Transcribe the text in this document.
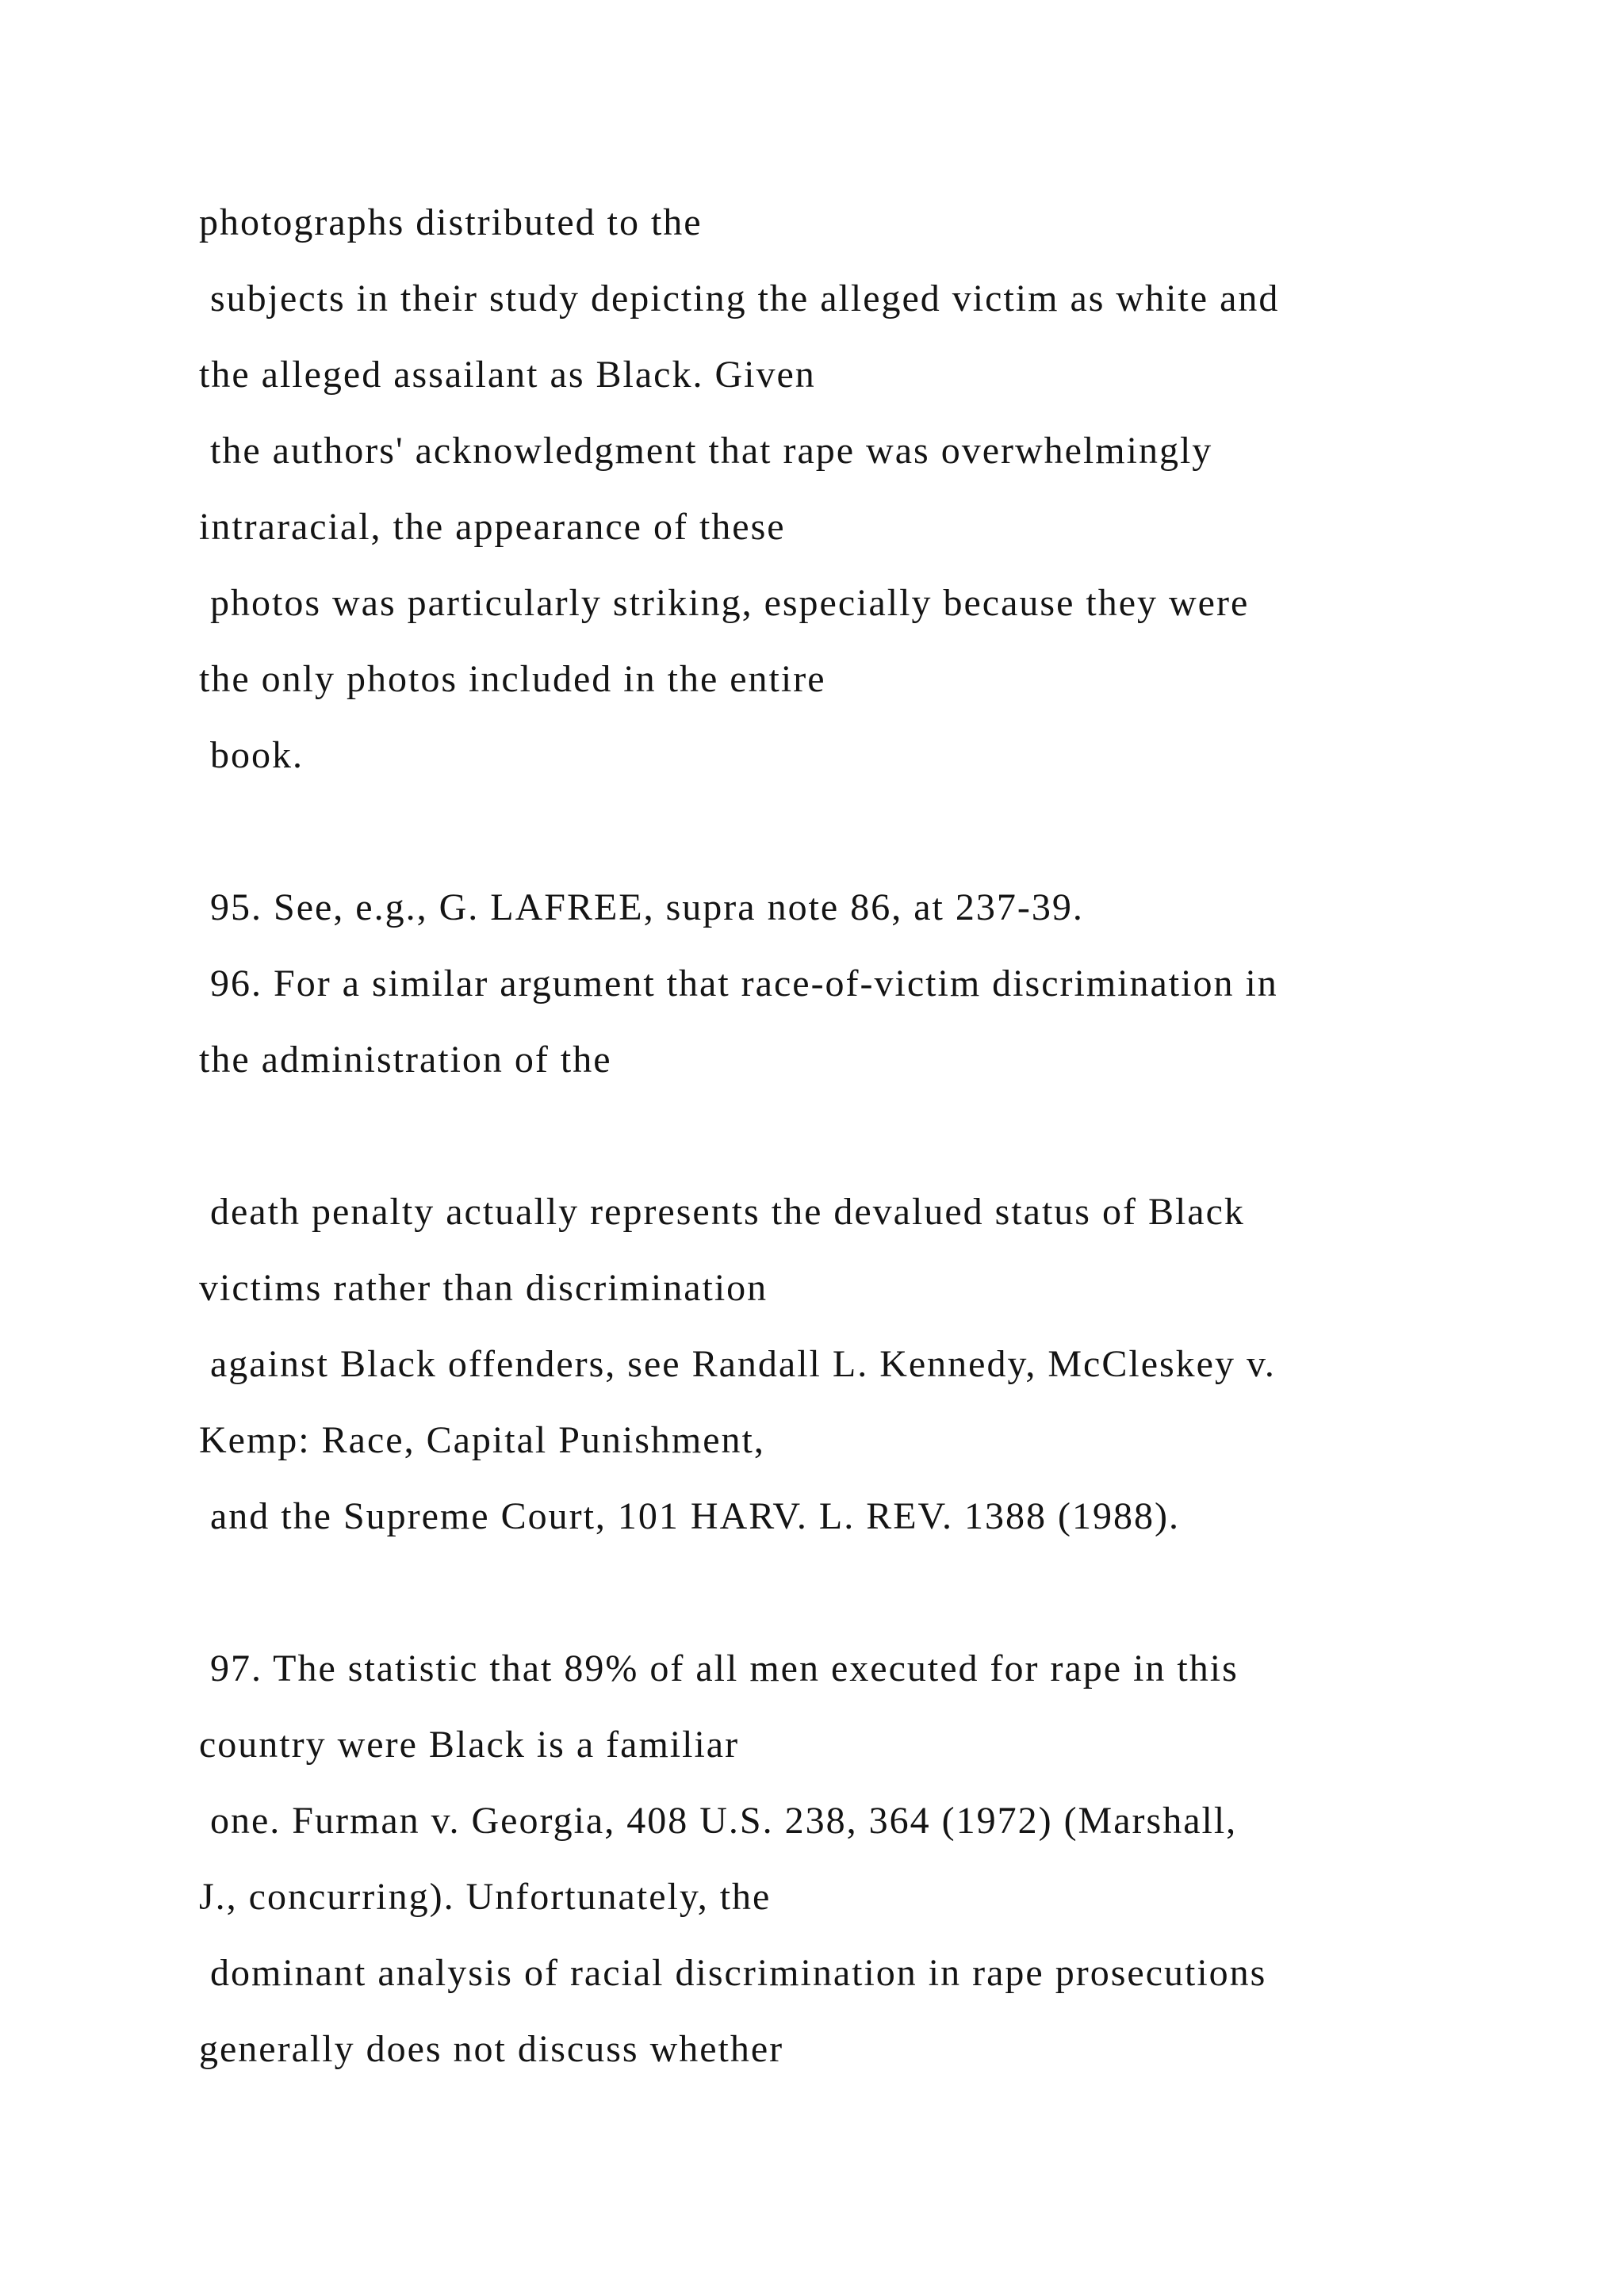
photographs distributed to the
subjects in their study depicting the alleged victim as white and
the alleged assailant as Black. Given
the authors' acknowledgment that rape was overwhelmingly
intraracial, the appearance of these
photos was particularly striking, especially because they were
the only photos included in the entire
book.
95. See, e.g., G. LAFREE, supra note 86, at 237-39.
96. For a similar argument that race-of-victim discrimination in
the administration of the
death penalty actually represents the devalued status of Black
victims rather than discrimination
against Black offenders, see Randall L. Kennedy, McCleskey v.
Kemp: Race, Capital Punishment,
and the Supreme Court, 101 HARV. L. REV. 1388 (1988).
97. The statistic that 89% of all men executed for rape in this
country were Black is a familiar
one. Furman v. Georgia, 408 U.S. 238, 364 (1972) (Marshall,
J., concurring). Unfortunately, the
dominant analysis of racial discrimination in rape prosecutions
generally does not discuss whether
